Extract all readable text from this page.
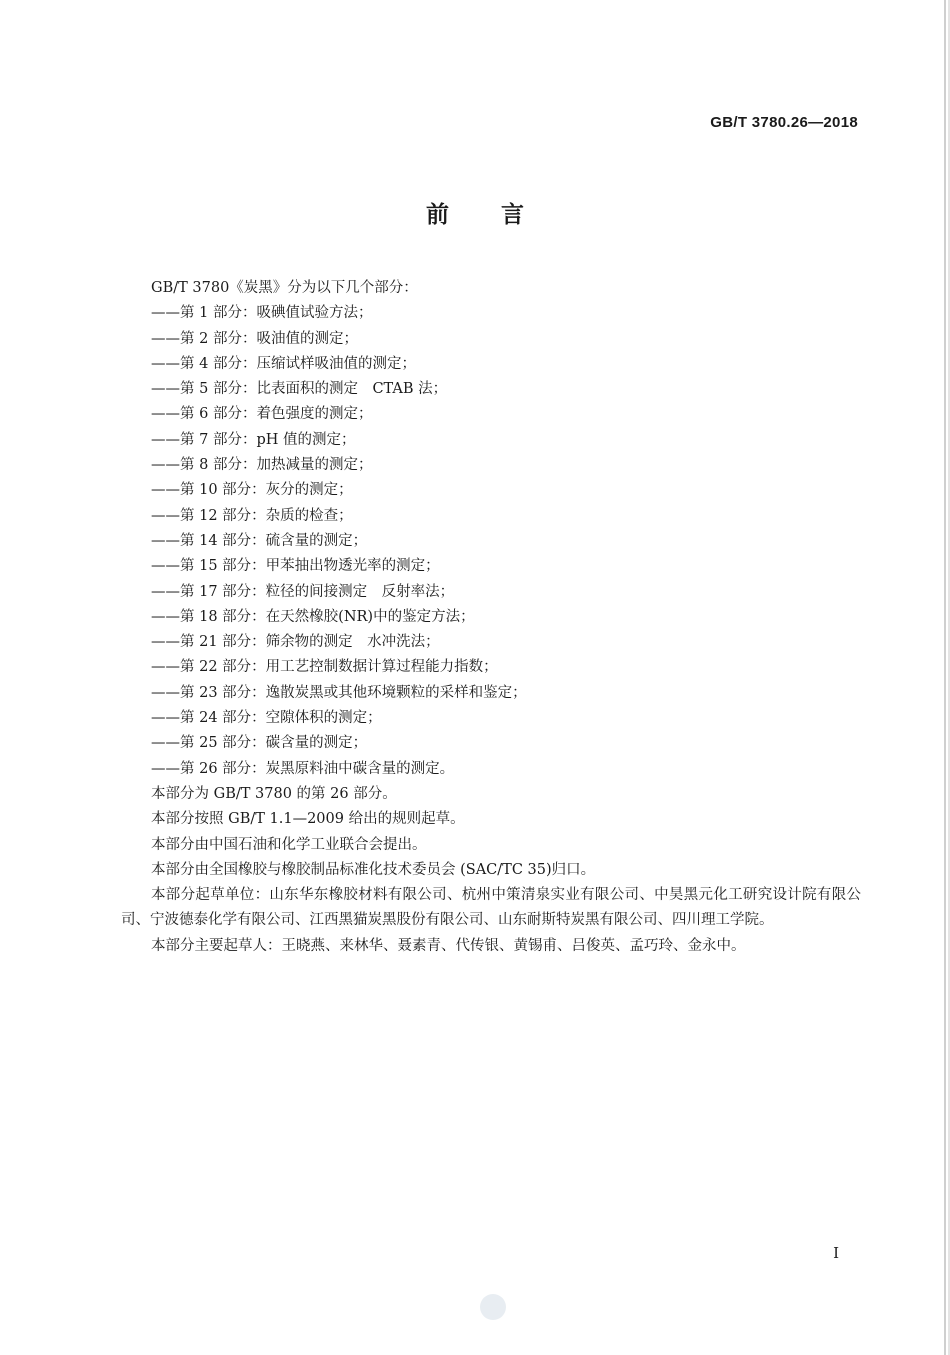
GB/T 3780.26—2018
前言

GB/T 3780《炭黑》分为以下几个部分：

——第 1 部分：吸碘值试验方法；
——第 2 部分：吸油值的测定；
——第 4 部分：压缩试样吸油值的测定；
——第 5 部分：比表面积的测定　CTAB 法；
——第 6 部分：着色强度的测定；
——第 7 部分：pH 值的测定；
——第 8 部分：加热减量的测定；
——第 10 部分：灰分的测定；
——第 12 部分：杂质的检查；
——第 14 部分：硫含量的测定；
——第 15 部分：甲苯抽出物透光率的测定；
——第 17 部分：粒径的间接测定　反射率法；
——第 18 部分：在天然橡胶(NR)中的鉴定方法；
——第 21 部分：筛余物的测定　水冲洗法；
——第 22 部分：用工艺控制数据计算过程能力指数；
——第 23 部分：逸散炭黑或其他环境颗粒的采样和鉴定；
——第 24 部分：空隙体积的测定；
——第 25 部分：碳含量的测定；
——第 26 部分：炭黑原料油中碳含量的测定。

本部分为 GB/T 3780 的第 26 部分。

本部分按照 GB/T 1.1—2009 给出的规则起草。

本部分由中国石油和化学工业联合会提出。

本部分由全国橡胶与橡胶制品标准化技术委员会 (SAC/TC 35)归口。

本部分起草单位：山东华东橡胶材料有限公司、杭州中策清泉实业有限公司、中昊黑元化工研究设计院有限公司、宁波德泰化学有限公司、江西黑猫炭黑股份有限公司、山东耐斯特炭黑有限公司、四川理工学院。

本部分主要起草人：王晓燕、来林华、聂素青、代传银、黄锡甫、吕俊英、孟巧玲、金永中。

I
